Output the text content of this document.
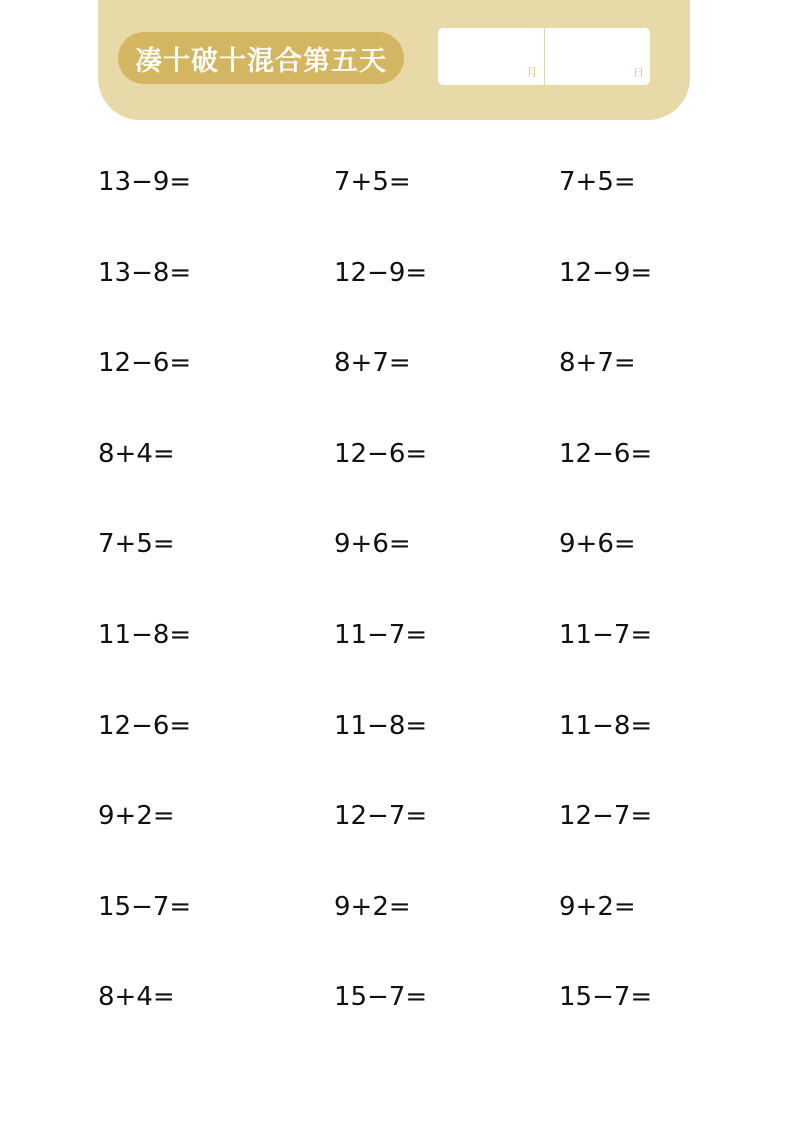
凑十破十混合第五天	月	日
13−9=	7+5=	7+5=
13−8=	12−9=	12−9=
12−6=	8+7=	8+7=
8+4=	12−6=	12−6=
7+5=	9+6=	9+6=
11−8=	11−7=	11−7=
12−6=	11−8=	11−8=
9+2=	12−7=	12−7=
15−7=	9+2=	9+2=
8+4=	15−7=	15−7=
